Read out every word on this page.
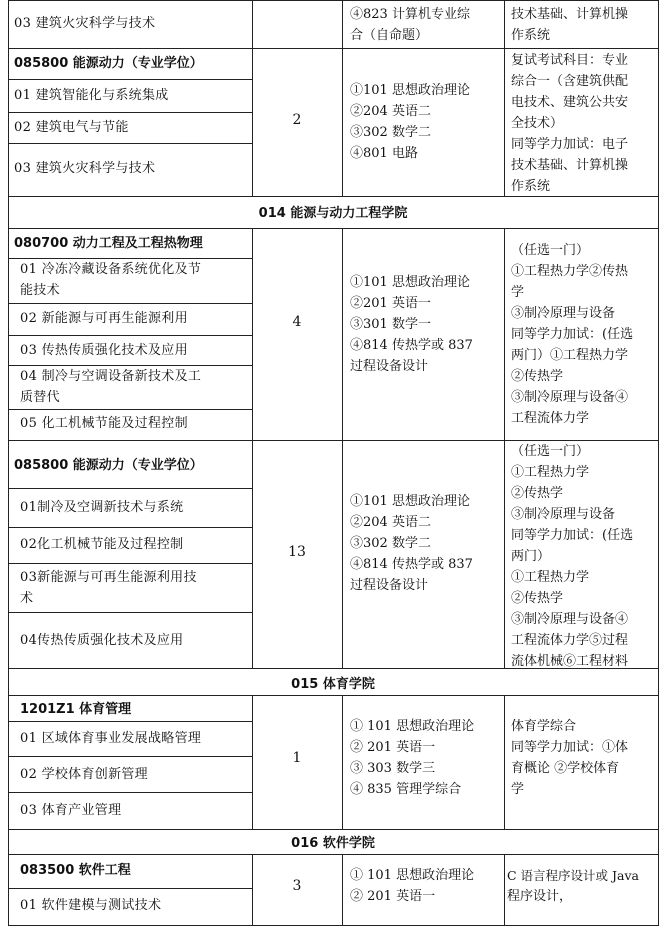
03 建筑火灾科学与技术
④823 计算机专业综
合（自命题）
技术基础、计算机操
作系统
085800 能源动力（专业学位）
01 建筑智能化与系统集成
02 建筑电气与节能
03 建筑火灾科学与技术
2
①101 思想政治理论
②204 英语二
③302 数学二
④801 电路
复试考试科目：专业
综合一（含建筑供配
电技术、建筑公共安
全技术）
同等学力加试：电子
技术基础、计算机操
作系统
014 能源与动力工程学院
080700 动力工程及工程热物理
01 冷冻冷藏设备系统优化及节
能技术
02 新能源与可再生能源利用
03 传热传质强化技术及应用
04 制冷与空调设备新技术及工
质替代
05 化工机械节能及过程控制
4
①101 思想政治理论
②201 英语一
③301 数学一
④814 传热学或 837
过程设备设计
（任选一门）
①工程热力学②传热
学
③制冷原理与设备
同等学力加试：(任选
两门）①工程热力学
②传热学
③制冷原理与设备④
工程流体力学
085800 能源动力（专业学位）
01制冷及空调新技术与系统
02化工机械节能及过程控制
03新能源与可再生能源利用技
术
04传热传质强化技术及应用
13
①101 思想政治理论
②204 英语二
③302 数学二
④814 传热学或 837
过程设备设计
（任选一门）
①工程热力学
②传热学
③制冷原理与设备
同等学力加试：(任选
两门）
①工程热力学
②传热学
③制冷原理与设备④
工程流体力学⑤过程
流体机械⑥工程材料
015 体育学院
1201Z1 体育管理
01 区域体育事业发展战略管理
02 学校体育创新管理
03 体育产业管理
1
① 101 思想政治理论
② 201 英语一
③ 303 数学三
④ 835 管理学综合
体育学综合
同等学力加试：①体
育概论 ②学校体育
学
016 软件学院
083500 软件工程
01 软件建模与测试技术
3
① 101 思想政治理论
② 201 英语一
C 语言程序设计或 Java
程序设计，
